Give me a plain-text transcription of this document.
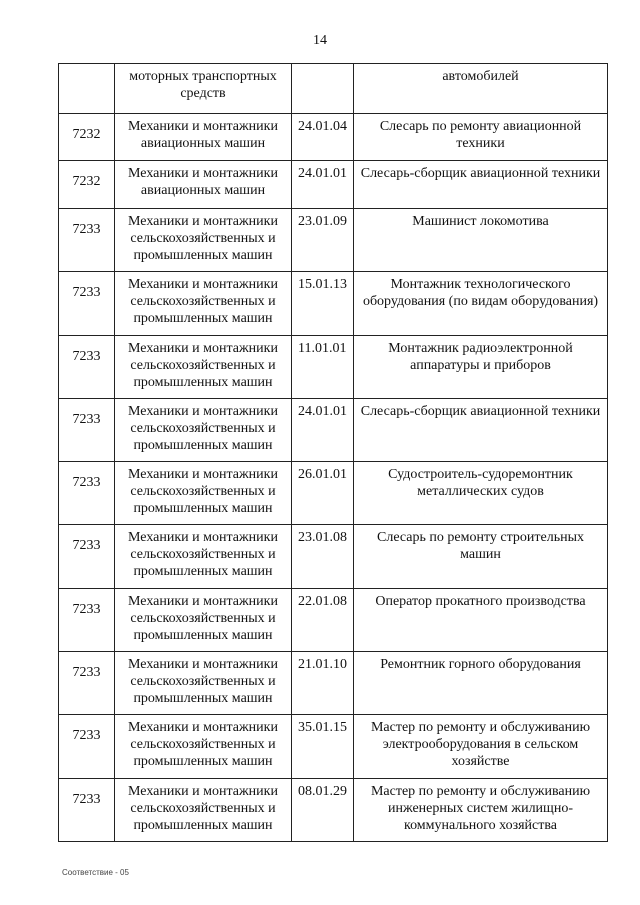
14
	моторных транспортных средств		автомобилей
7232	Механики и монтажники авиационных машин	24.01.04	Слесарь по ремонту авиационной техники
7232	Механики и монтажники авиационных машин	24.01.01	Слесарь-сборщик авиационной техники
7233	Механики и монтажники сельскохозяйственных и промышленных машин	23.01.09	Машинист локомотива
7233	Механики и монтажники сельскохозяйственных и промышленных машин	15.01.13	Монтажник технологического оборудования (по видам оборудования)
7233	Механики и монтажники сельскохозяйственных и промышленных машин	11.01.01	Монтажник радиоэлектронной аппаратуры и приборов
7233	Механики и монтажники сельскохозяйственных и промышленных машин	24.01.01	Слесарь-сборщик авиационной техники
7233	Механики и монтажники сельскохозяйственных и промышленных машин	26.01.01	Судостроитель-судоремонтник металлических судов
7233	Механики и монтажники сельскохозяйственных и промышленных машин	23.01.08	Слесарь по ремонту строительных машин
7233	Механики и монтажники сельскохозяйственных и промышленных машин	22.01.08	Оператор прокатного производства
7233	Механики и монтажники сельскохозяйственных и промышленных машин	21.01.10	Ремонтник горного оборудования
7233	Механики и монтажники сельскохозяйственных и промышленных машин	35.01.15	Мастер по ремонту и обслуживанию электрооборудования в сельском хозяйстве
7233	Механики и монтажники сельскохозяйственных и промышленных машин	08.01.29	Мастер по ремонту и обслуживанию инженерных систем жилищно-коммунального хозяйства
Соответствие - 05
